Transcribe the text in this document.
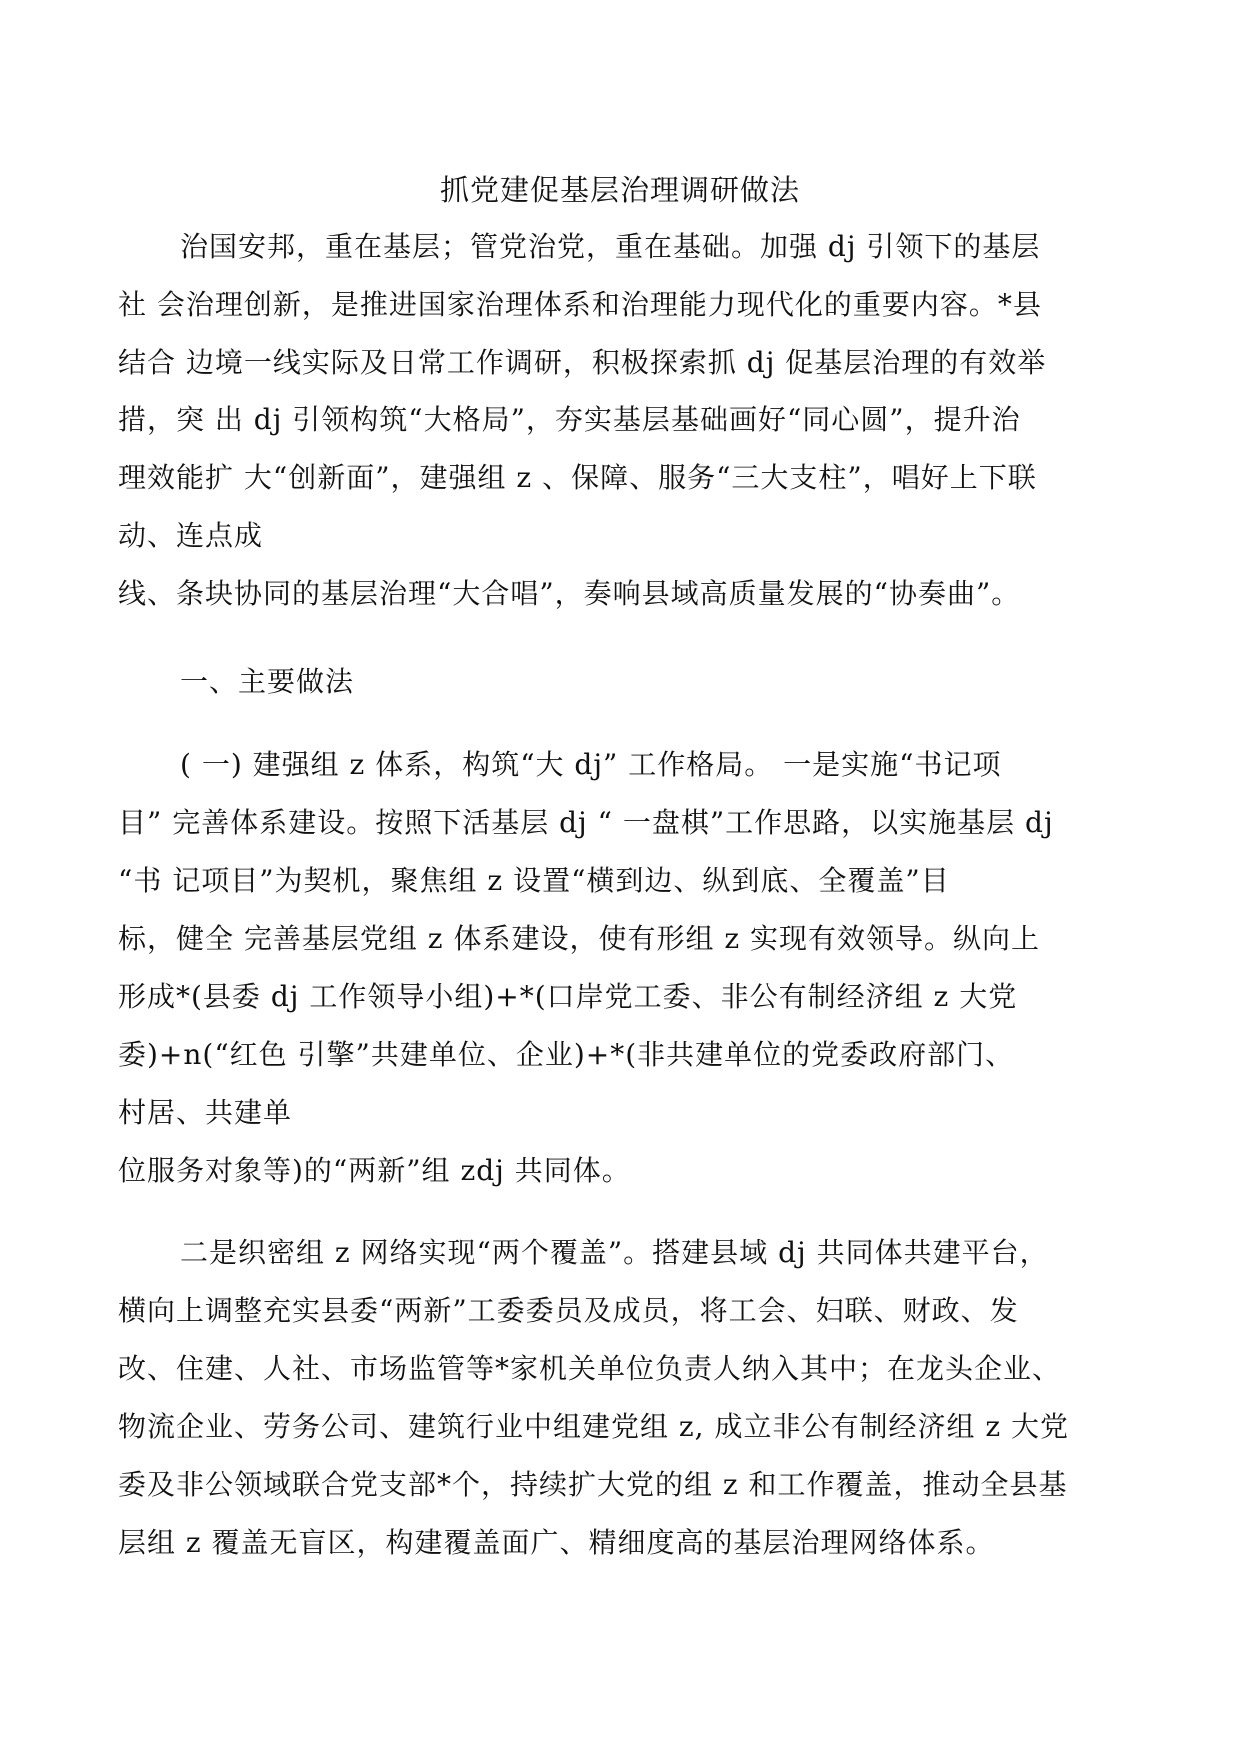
抓党建促基层治理调研做法
治国安邦，重在基层；管党治党，重在基础。加强 dj 引领下的基层
社 会治理创新，是推进国家治理体系和治理能力现代化的重要内容。*县
结合 边境一线实际及日常工作调研，积极探索抓 dj 促基层治理的有效举
措，突 出 dj 引领构筑“大格局”，夯实基层基础画好“同心圆”，提升治
理效能扩 大“创新面”，建强组 z 、保障、服务“三大支柱”，唱好上下联
动、连点成
线、条块协同的基层治理“大合唱”，奏响县域高质量发展的“协奏曲”。
一、主要做法
( 一) 建强组 z 体系，构筑“大 dj” 工作格局。 一是实施“书记项
目” 完善体系建设。按照下活基层 dj “ 一盘棋”工作思路，以实施基层 dj
“书 记项目”为契机，聚焦组 z 设置“横到边、纵到底、全覆盖”目
标，健全 完善基层党组 z 体系建设，使有形组 z 实现有效领导。纵向上
形成*(县委 dj 工作领导小组)+*(口岸党工委、非公有制经济组 z 大党
委)+n(“红色 引擎”共建单位、企业)+*(非共建单位的党委政府部门、
村居、共建单
位服务对象等)的“两新”组 zdj 共同体。
二是织密组 z 网络实现“两个覆盖”。搭建县域 dj 共同体共建平台，
横向上调整充实县委“两新”工委委员及成员，将工会、妇联、财政、发
改、住建、人社、市场监管等*家机关单位负责人纳入其中；在龙头企业、
物流企业、劳务公司、建筑行业中组建党组 z, 成立非公有制经济组 z 大党
委及非公领域联合党支部*个，持续扩大党的组 z 和工作覆盖，推动全县基
层组 z 覆盖无盲区，构建覆盖面广、精细度高的基层治理网络体系。
